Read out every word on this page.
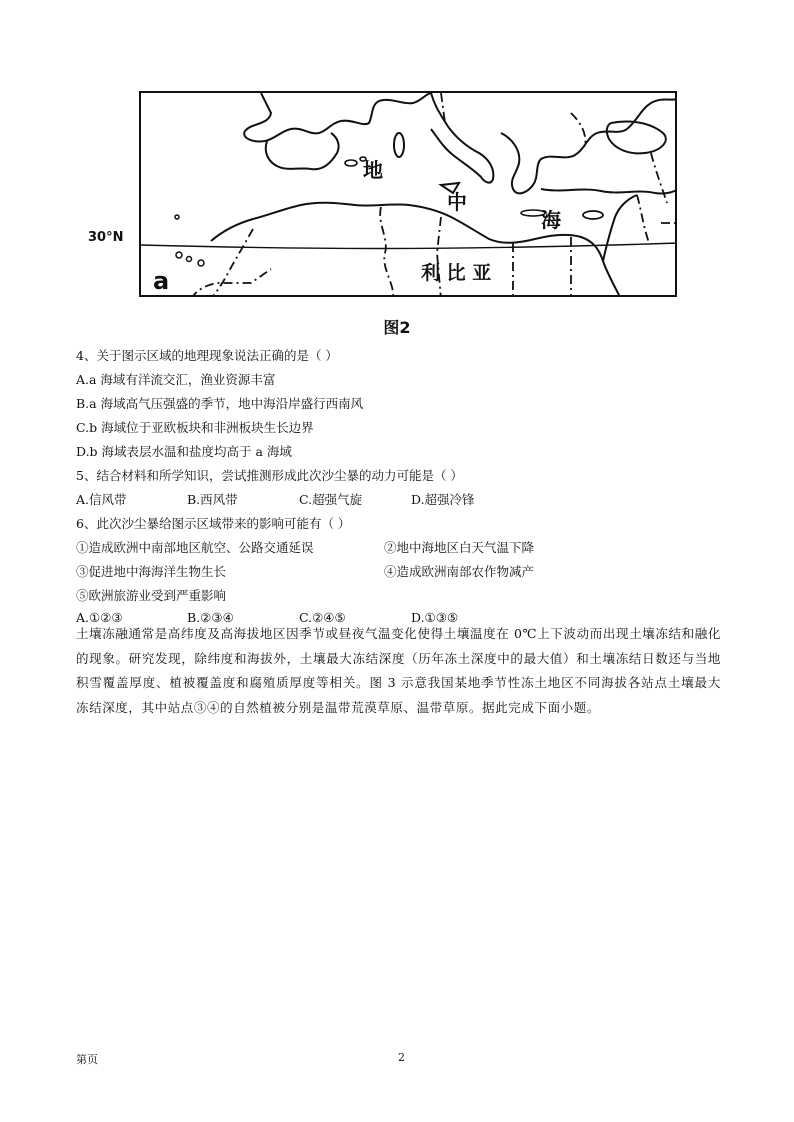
a
地
中
海
利 比 亚
30°N
图2
4、关于图示区域的地理现象说法正确的是（ ）
A.a 海域有洋流交汇，渔业资源丰富
B.a 海域高气压强盛的季节，地中海沿岸盛行西南风
C.b 海域位于亚欧板块和非洲板块生长边界
D.b 海域表层水温和盐度均高于 a 海域
5、结合材料和所学知识，尝试推测形成此次沙尘暴的动力可能是（ ）
A.信风带	B.西风带	C.超强气旋	D.超强冷锋
6、此次沙尘暴给图示区域带来的影响可能有（ ）
①造成欧洲中南部地区航空、公路交通延误	②地中海地区白天气温下降
③促进地中海海洋生物生长	④造成欧洲南部农作物减产
⑤欧洲旅游业受到严重影响
A.①②③	B.②③④	C.②④⑤	D.①③⑤
土壤冻融通常是高纬度及高海拔地区因季节或昼夜气温变化使得土壤温度在 0℃上下波动而出现土壤冻结和融化的现象。研究发现，除纬度和海拔外，土壤最大冻结深度（历年冻土深度中的最大值）和土壤冻结日数还与当地积雪覆盖厚度、植被覆盖度和腐殖质厚度等相关。图 3 示意我国某地季节性冻土地区不同海拔各站点土壤最大冻结深度，其中站点③④的自然植被分别是温带荒漠草原、温带草原。据此完成下面小题。
第页	2
